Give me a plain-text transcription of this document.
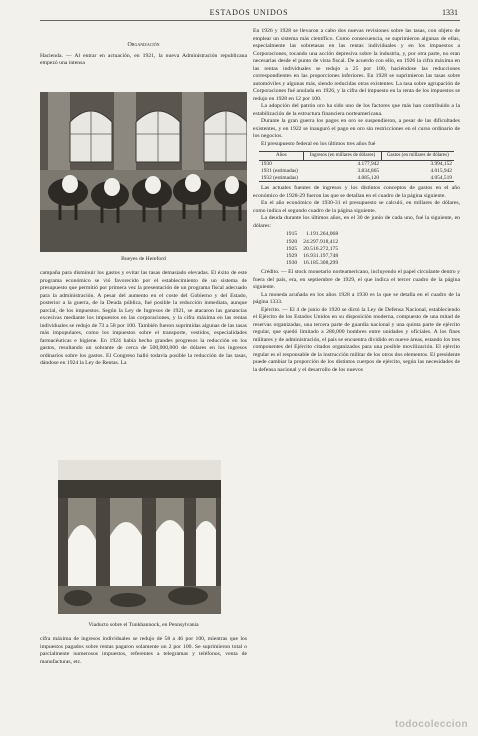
ESTADOS UNIDOS	1331
Organización

Hacienda. — Al entrar en actuación, en 1921, la nueva Administración republicana empezó una intensa

Bueyes de Hereford

campaña para disminuir los gastos y evitar las tasas demasiado elevadas. El éxito de este programa económico se vió favorecido por el establecimiento de un sistema de presupuesto que permitió por primera vez la presentación de un programa fiscal adecuado para la administración. A pesar del aumento en el coste del Gobierno y del Estado, posterior a la guerra, de la Deuda pública, fué posible la reducción inmediata, aunque parcial, de los impuestos. Según la Ley de Ingresos de 1921, se atacaron las ganancias excesivas mediante los impuestos en las corporaciones, y la cifra máxima en las rentas individuales se redujo de 73 a 58 por 100. También fueron suprimidas algunas de las tasas más impopulares, como los impuestos sobre el transporte, vestidos, especialidades farmacéuticas e higiene. En 1924 había hecho grandes progresos la reducción en los gastos, resultando un sobrante de cerca de 500,000,000 de dólares en los ingresos ordinarios sobre los gastos. El Congreso halló todavía posible la reducción de las tasas, dándose en 1924 la Ley de Rentas. La

Viaducto sobre el Tunkhannock, en Pennsylvania

cifra máxima de ingresos individuales se redujo de 58 a 46 por 100, mientras que los impuestos pagados sobre rentas pagaron solamente un 2 por 100. Se suprimieron total o parcialmente numerosos impuestos, referentes a telegramas y teléfonos, venta de manufacturas, etc.

En 1926 y 1928 se llevaron a cabo dos nuevas revisiones sobre las tasas, con objeto de emplear un sistema más científico. Como consecuencia, se suprimieron algunas de ellas, especialmente las sobretasas en las rentas individuales y en los impuestos a Corporaciones, tocando una acción depresiva sobre la industria, y, por otra parte, no eran necesarias desde el punto de vista fiscal. De acuerdo con ello, en 1926 la cifra máxima en las rentas individuales se redujo a 25 por 100, haciéndose las reducciones correspondientes en las proporciones inferiores. En 1928 se suprimieron las tasas sobre automóviles y algunas más, siendo reducidas otras existentes. La tasa sobre agrupación de Corporaciones fué anulada en 1926, y la cifra del impuesto en la renta de los impuestos se redujo en 1928 en 12 por 100.

La adopción del patrón oro ha sido uno de los factores que más han contribuido a la estabilización de la estructura financiera norteamericana.

Durante la gran guerra los pagos en oro se suspendieron, a pesar de las dificultades existentes, y en 1922 se inauguró el pago en oro sin restricciones en el curso ordinario de los negocios.

El presupuesto federal en los últimos tres años fué

Años	Ingresos (en millares de dólares)	Gastos (en millares de dólares)
1930	4.177,942	3.994,152
1931 (estimadas)	3.834,865	4.015,942
1932 (estimadas)	4.085,120	4.054,519

Las actuales fuentes de ingresos y los distintos conceptos de gastos en el año económico de 1928-29 fueron las que se detallan en el cuadro de la página siguiente.

En el año económico de 1930-31 el presupuesto se calculó, en millares de dólares, como indica el segundo cuadro de la página siguiente.

La deuda durante los últimos años, en el 30 de junio de cada uno, fué la siguiente, en dólares:

1915	1.191.264,068
1920	24.297.918,412
1925	20.516.272,175
1929	16.931.197,748
1930	16.185.308,299

Crédito. — El stock monetario norteamericano, incluyendo el papel circulante dentro y fuera del país, era, en septiembre de 1929, el que indica el tercer cuadro de la página siguiente.

La moneda acuñada en los años 1928 a 1930 es la que se detalla en el cuadro de la página 1333.

Ejército. — El 4 de junio de 1920 se dictó la Ley de Defensa Nacional, estableciendo el Ejército de los Estados Unidos en su disposición moderna, compuesto de una mitad de reservas organizadas, una tercera parte de guardia nacional y una quinta parte de ejército regular, que quedó limitado a 280,000 hombres entre unidades y oficiales. A los fines militares y de administración, el país se encuentra dividido en nueve áreas, estando los tres componentes del Ejército citados organizados para una posible movilización. El ejército regular es el responsable de la instrucción militar de los otros dos elementos. El presidente puede cambiar la proporción de los distintos cuerpos de ejército, según las necesidades de la defensa nacional y el desarrollo de los nuevos

todocoleccion
